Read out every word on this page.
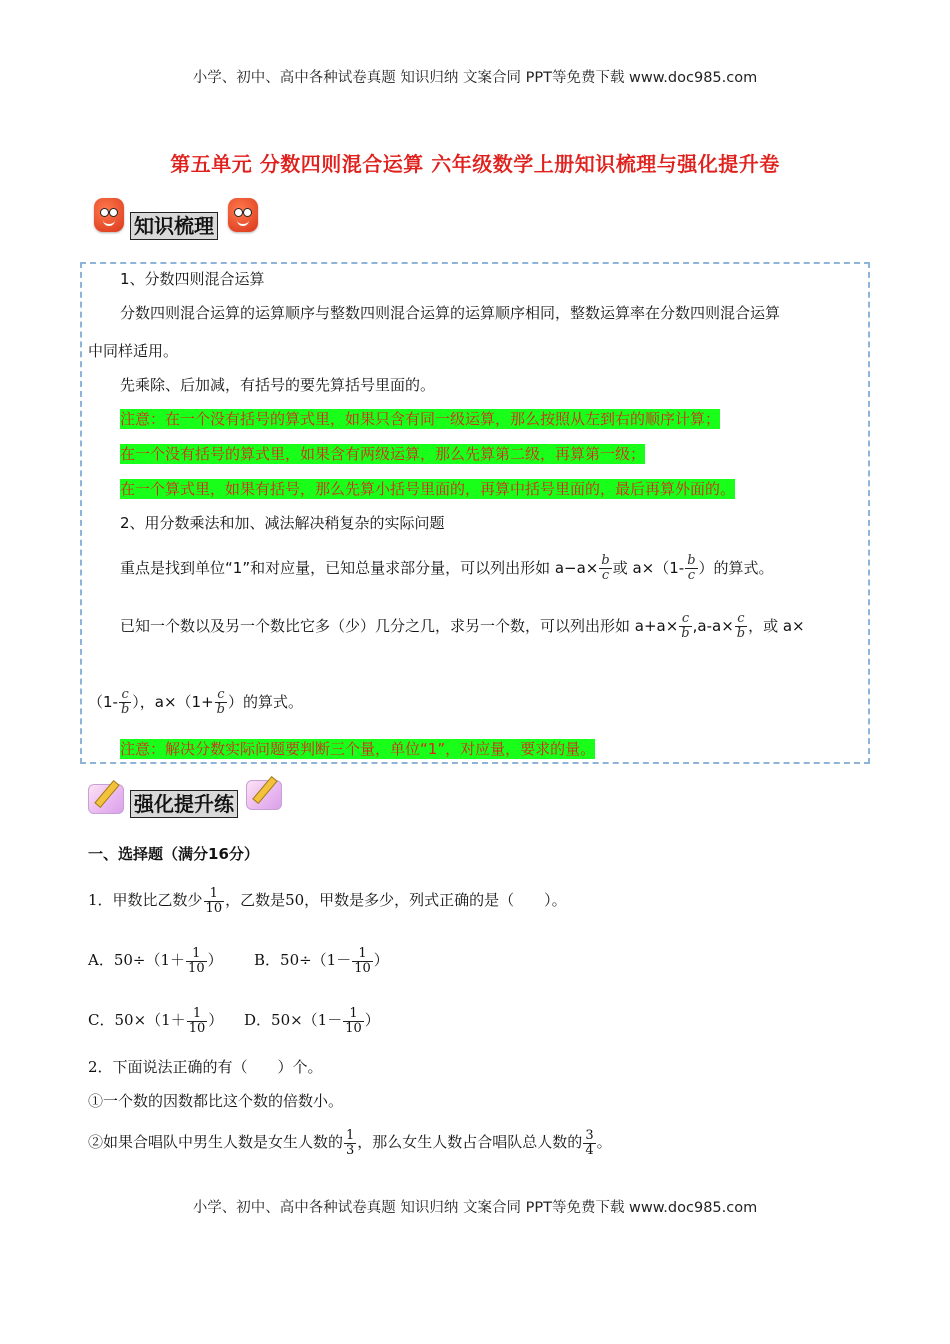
小学、初中、高中各种试卷真题 知识归纳 文案合同 PPT等免费下载 www.doc985.com
第五单元 分数四则混合运算 六年级数学上册知识梳理与强化提升卷
知识梳理
1、分数四则混合运算
分数四则混合运算的运算顺序与整数四则混合运算的运算顺序相同，整数运算率在分数四则混合运算
中同样适用。
先乘除、后加减，有括号的要先算括号里面的。
注意：在一个没有括号的算式里，如果只含有同一级运算，那么按照从左到右的顺序计算；
在一个没有括号的算式里，如果含有两级运算，那么先算第二级，再算第一级；
在一个算式里，如果有括号，那么先算小括号里面的，再算中括号里面的，最后再算外面的。
2、用分数乘法和加、减法解决稍复杂的实际问题
重点是找到单位“1”和对应量，已知总量求部分量，可以列出形如 $a-a\times \frac{b}{c}$ 或 $a\times(1- \frac{b}{c}$ ）的算式。
已知一个数以及另一个数比它多（少）几分之几，求另一个数，可以列出形如 $a+a\times \frac{c}{b} ,a-a\times \frac{c}{b}$ ，或 a×
（$1- \frac{c}{b}$ ），$a\times(1+ \frac{c}{b}$ ）的算式。
注意：解决分数实际问题要判断三个量，单位“1”，对应量，要求的量。
强化提升练
一、选择题（满分16分）
1．甲数比乙数少 $\frac{1}{10}$ ，乙数是50，甲数是多少，列式正确的是（　　）。
A．$50\div(1+ \frac{1}{10}$ ） B．$50\div(1- \frac{1}{10}$ ）
C．$50\times(1+ \frac{1}{10}$ ） D．$50\times(1- \frac{1}{10}$ ）
2．下面说法正确的有（　　）个。
①一个数的因数都比这个数的倍数小。
②如果合唱队中男生人数是女生人数的 $\frac{1}{3}$ ，那么女生人数占合唱队总人数的 $\frac{3}{4}$ 。
小学、初中、高中各种试卷真题 知识归纳 文案合同 PPT等免费下载 www.doc985.com
